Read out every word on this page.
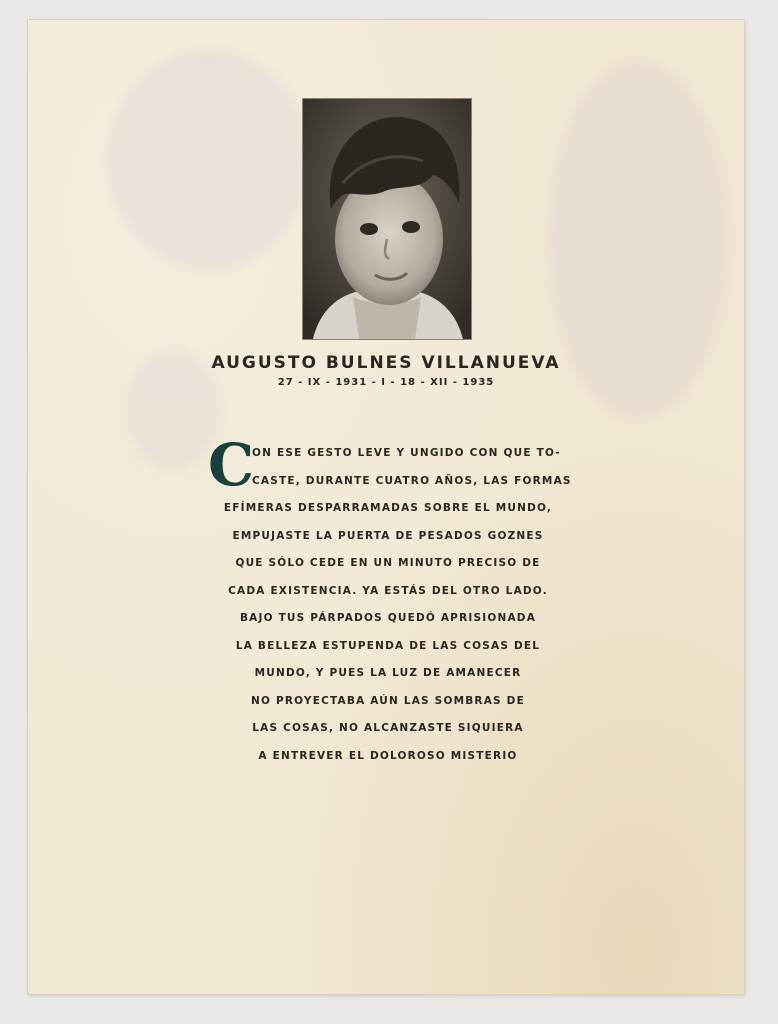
AUGUSTO BULNES VILLANUEVA
27 - IX - 1931 - I - 18 - XII - 1935
C
ON ESE GESTO LEVE Y UNGIDO CON QUE TO-
CASTE, DURANTE CUATRO AÑOS, LAS FORMAS
EFÍMERAS DESPARRAMADAS SOBRE EL MUNDO,
EMPUJASTE LA PUERTA DE PESADOS GOZNES
QUE SÓLO CEDE EN UN MINUTO PRECISO DE
CADA EXISTENCIA. YA ESTÁS DEL OTRO LADO.
BAJO TUS PÁRPADOS QUEDÓ APRISIONADA
LA BELLEZA ESTUPENDA DE LAS COSAS DEL
MUNDO, Y PUES LA LUZ DE AMANECER
NO PROYECTABA AÚN LAS SOMBRAS DE
LAS COSAS, NO ALCANZASTE SIQUIERA
A ENTREVER EL DOLOROSO MISTERIO
